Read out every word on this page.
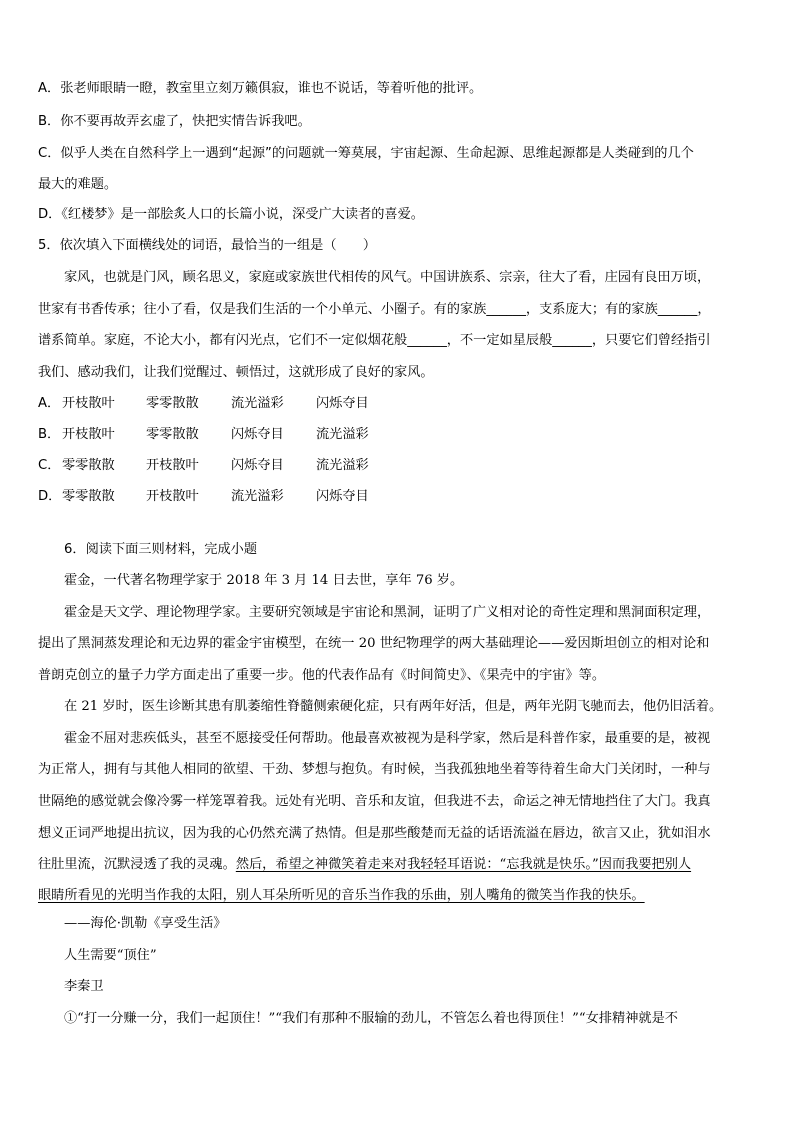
A．张老师眼睛一瞪，教室里立刻万籁俱寂，谁也不说话，等着听他的批评。
B．你不要再故弄玄虚了，快把实情告诉我吧。
C．似乎人类在自然科学上一遇到“起源”的问题就一筹莫展，宇宙起源、生命起源、思维起源都是人类碰到的几个
最大的难题。
D．《红楼梦》是一部脍炙人口的长篇小说，深受广大读者的喜爱。
5．依次填入下面横线处的词语，最恰当的一组是（　　）
家风，也就是门风，顾名思义，家庭或家族世代相传的风气。中国讲族系、宗亲，往大了看，庄园有良田万顷，
世家有书香传承；往小了看，仅是我们生活的一个小单元、小圈子。有的家族______，支系庞大；有的家族______，
谱系简单。家庭，不论大小，都有闪光点，它们不一定似烟花般______，不一定如星辰般______，只要它们曾经指引
我们、感动我们，让我们觉醒过、顿悟过，这就形成了良好的家风。
A． 开枝散叶 零零散散 流光溢彩 闪烁夺目
B． 开枝散叶 零零散散 闪烁夺目 流光溢彩
C． 零零散散 开枝散叶 闪烁夺目 流光溢彩
D． 零零散散 开枝散叶 流光溢彩 闪烁夺目
6．阅读下面三则材料，完成小题
霍金，一代著名物理学家于 2018 年 3 月 14 日去世，享年 76 岁。
霍金是天文学、理论物理学家。主要研究领域是宇宙论和黑洞，证明了广义相对论的奇性定理和黑洞面积定理，
提出了黑洞蒸发理论和无边界的霍金宇宙模型，在统一 20 世纪物理学的两大基础理论——爱因斯坦创立的相对论和
普朗克创立的量子力学方面走出了重要一步。他的代表作品有《时间简史》、《果壳中的宇宙》等。
在 21 岁时，医生诊断其患有肌萎缩性脊髓侧索硬化症，只有两年好活，但是，两年光阴飞驰而去，他仍旧活着。
霍金不屈对悲疾低头，甚至不愿接受任何帮助。他最喜欢被视为是科学家，然后是科普作家，最重要的是，被视
为正常人，拥有与其他人相同的欲望、干劲、梦想与抱负。有时候，当我孤独地坐着等待着生命大门关闭时，一种与
世隔绝的感觉就会像冷雾一样笼罩着我。远处有光明、音乐和友谊，但我进不去，命运之神无情地挡住了大门。我真
想义正词严地提出抗议，因为我的心仍然充满了热情。但是那些酸楚而无益的话语流溢在唇边，欲言又止，犹如泪水
往肚里流，沉默浸透了我的灵魂。然后，希望之神微笑着走来对我轻轻耳语说：“忘我就是快乐。”因而我要把别人
眼睛所看见的光明当作我的太阳，别人耳朵所听见的音乐当作我的乐曲，别人嘴角的微笑当作我的快乐。
——海伦·凯勒《享受生活》
人生需要“顶住”
李秦卫
①“打一分赚一分，我们一起顶住！”“我们有那种不服输的劲儿，不管怎么着也得顶住！”“女排精神就是不
